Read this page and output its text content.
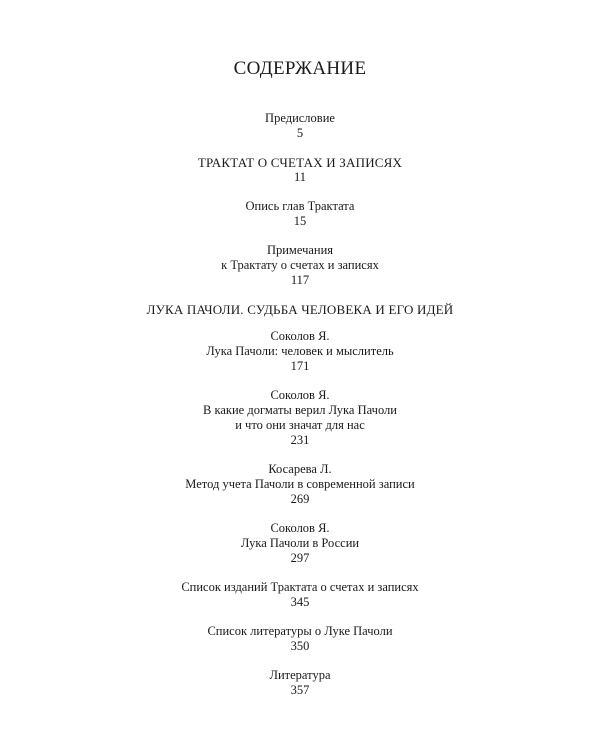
СОДЕРЖАНИЕ
Предисловие
5
ТРАКТАТ О СЧЕТАХ И ЗАПИСЯХ
11
Опись глав Трактата
15
Примечания
к Трактату о счетах и записях
117
ЛУКА ПАЧОЛИ. СУДЬБА ЧЕЛОВЕКА И ЕГО ИДЕЙ
Соколов Я.
Лука Пачоли: человек и мыслитель
171
Соколов Я.
В какие догматы верил Лука Пачоли
и что они значат для нас
231
Косарева Л.
Метод учета Пачоли в современной записи
269
Соколов Я.
Лука Пачоли в России
297
Список изданий Трактата о счетах и записях
345
Список литературы о Луке Пачоли
350
Литература
357
